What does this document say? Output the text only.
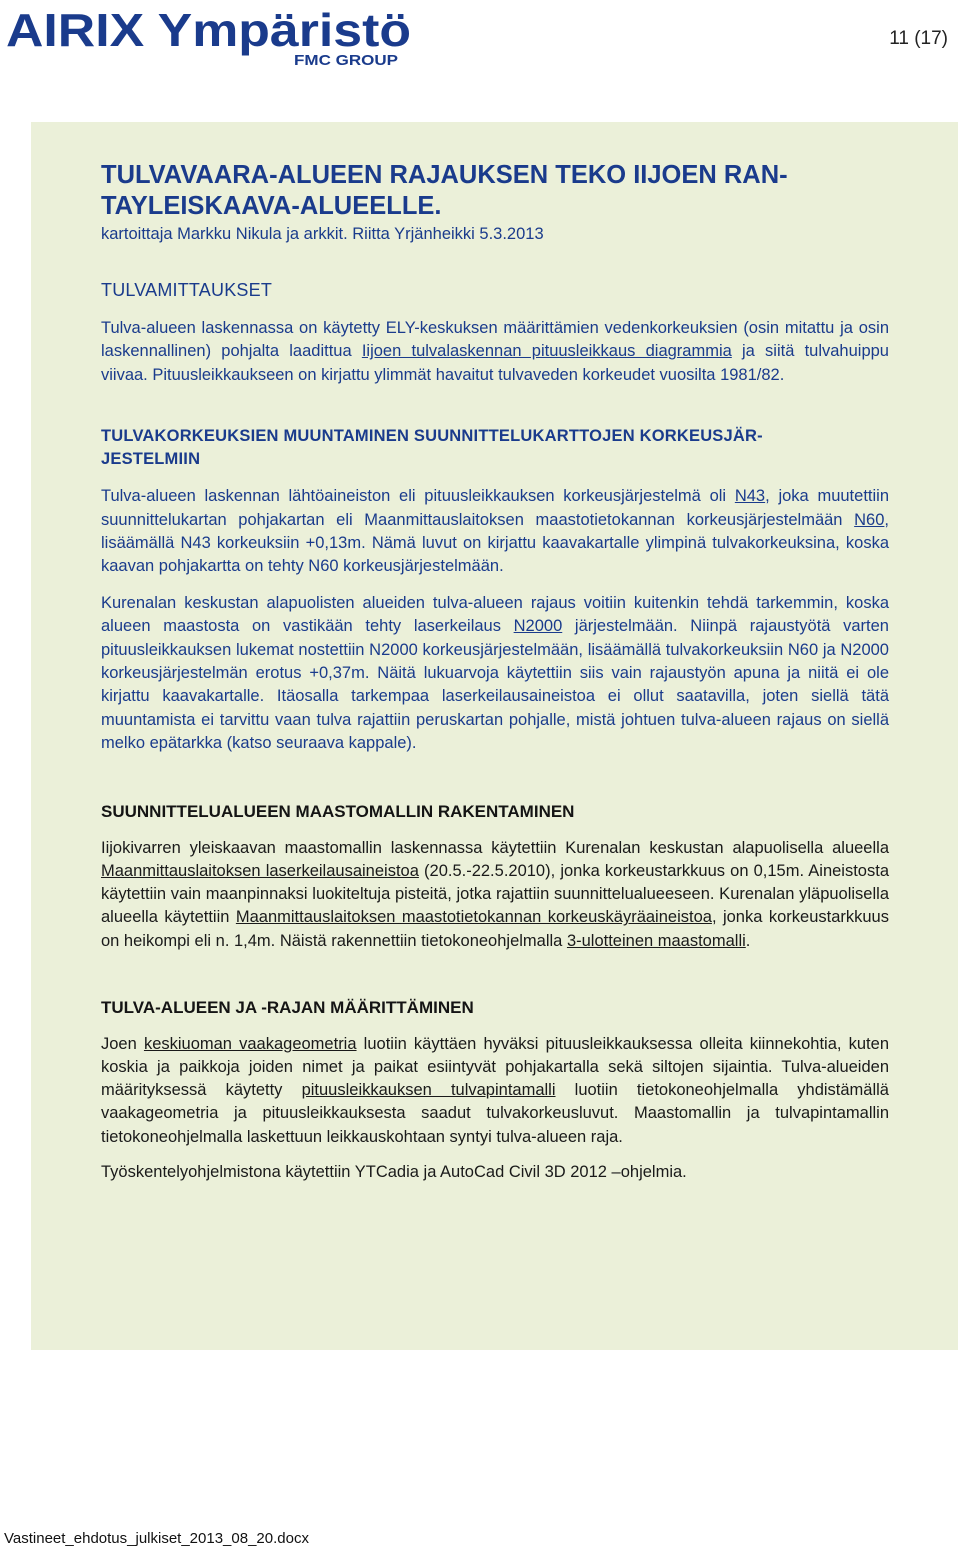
AIRIX Ympäristö
FMC GROUP
11 (17)

TULVAVAARA-ALUEEN RAJAUKSEN TEKO IIJOEN RAN-

TAYLEISKAAVA-ALUEELLE.

kartoittaja Markku Nikula ja arkkit. Riitta Yrjänheikki 5.3.2013

TULVAMITTAUKSET

Tulva-alueen laskennassa on käytetty ELY-keskuksen määrittämien vedenkorkeuksien (osin mitattu ja osin laskennallinen) pohjalta laadittua Iijoen tulvalaskennan pituusleikkaus diagrammia ja siitä tulvahuippu viivaa. Pituusleikkaukseen on kirjattu ylimmät havaitut tulvaveden korkeudet vuosilta 1981/82.

TULVAKORKEUKSIEN MUUNTAMINEN SUUNNITTELUKARTTOJEN KORKEUSJÄR-
JESTELMIIN

Tulva-alueen laskennan lähtöaineiston eli pituusleikkauksen korkeusjärjestelmä oli N43, joka muutettiin suunnittelukartan pohjakartan eli Maanmittauslaitoksen maastotietokannan korkeusjärjestelmään N60, lisäämällä N43 korkeuksiin +0,13m. Nämä luvut on kirjattu kaavakartalle ylimpinä tulvakorkeuksina, koska kaavan pohjakartta on tehty N60 korkeusjärjestelmään.

Kurenalan keskustan alapuolisten alueiden tulva-alueen rajaus voitiin kuitenkin tehdä tarkemmin, koska alueen maastosta on vastikään tehty laserkeilaus N2000 järjestelmään. Niinpä rajaustyötä varten pituusleikkauksen lukemat nostettiin N2000 korkeusjärjestelmään, lisäämällä tulvakorkeuksiin N60 ja N2000 korkeusjärjestelmän erotus +0,37m. Näitä lukuarvoja käytettiin siis vain rajaustyön apuna ja niitä ei ole kirjattu kaavakartalle. Itäosalla tarkempaa laserkeilausaineistoa ei ollut saatavilla, joten siellä tätä muuntamista ei tarvittu vaan tulva rajattiin peruskartan pohjalle, mistä johtuen tulva-alueen rajaus on siellä melko epätarkka (katso seuraava kappale).

SUUNNITTELUALUEEN MAASTOMALLIN RAKENTAMINEN

Iijokivarren yleiskaavan maastomallin laskennassa käytettiin Kurenalan keskustan alapuolisella alueella Maanmittauslaitoksen laserkeilausaineistoa (20.5.-22.5.2010), jonka korkeustarkkuus on 0,15m. Aineistosta käytettiin vain maanpinnaksi luokiteltuja pisteitä, jotka rajattiin suunnittelualueeseen. Kurenalan yläpuolisella alueella käytettiin Maanmittauslaitoksen maastotietokannan korkeuskäyräaineistoa, jonka korkeustarkkuus on heikompi eli n. 1,4m. Näistä rakennettiin tietokoneohjelmalla 3-ulotteinen maastomalli.

TULVA-ALUEEN JA -RAJAN MÄÄRITTÄMINEN

Joen keskiuoman vaakageometria luotiin käyttäen hyväksi pituusleikkauksessa olleita kiinnekohtia, kuten koskia ja paikkoja joiden nimet ja paikat esiintyvät pohjakartalla sekä siltojen sijaintia. Tulva-alueiden määrityksessä käytetty pituusleikkauksen tulvapintamalli luotiin tietokoneohjelmalla yhdistämällä vaakageometria ja pituusleikkauksesta saadut tulvakorkeusluvut. Maastomallin ja tulvapintamallin tietokoneohjelmalla laskettuun leikkauskohtaan syntyi tulva-alueen raja.

Työskentelyohjelmistona käytettiin YTCadia ja AutoCad Civil 3D 2012 –ohjelmia.

Vastineet_ehdotus_julkiset_2013_08_20.docx
